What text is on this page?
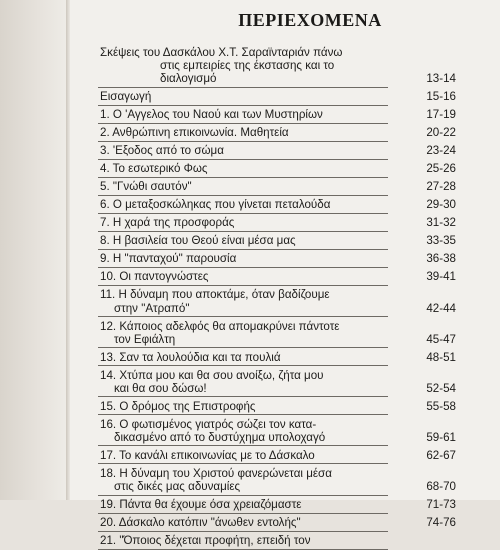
ΠΕΡΙΕΧΟΜΕΝΑ
Σκέψεις του Δασκάλου Χ.Τ. Σαραϊνταριάν πάνω
στις εμπειρίες της έκστασης και το
διαλογισμό	13-14
Εισαγωγή	15-16
1. Ο 'Αγγελος του Ναού και των Μυστηρίων	17-19
2. Ανθρώπινη επικοινωνία. Μαθητεία	20-22
3. 'Εξοδος από το σώμα	23-24
4. Το εσωτερικό Φως	25-26
5. "Γνώθι σαυτόν"	27-28
6. Ο μεταξοσκώληκας που γίνεται πεταλούδα	29-30
7. Η χαρά της προσφοράς	31-32
8. Η βασιλεία του Θεού είναι μέσα μας	33-35
9. Η "πανταχού" παρουσία	36-38
10. Οι παντογνώστες	39-41
11. Η δύναμη που αποκτάμε, όταν βαδίζουμε
στην "Ατραπό"	42-44
12. Κάποιος αδελφός θα απομακρύνει πάντοτε
τον Εφιάλτη	45-47
13. Σαν τα λουλούδια και τα πουλιά	48-51
14. Χτύπα μου και θα σου ανοίξω, ζήτα μου
και θα σου δώσω!	52-54
15. Ο δρόμος της Επιστροφής	55-58
16. Ο φωτισμένος γιατρός σώζει τον κατα-
δικασμένο από το δυστύχημα υπολοχαγό	59-61
17. Το κανάλι επικοινωνίας με το Δάσκαλο	62-67
18. Η δύναμη του Χριστού φανερώνεται μέσα
στις δικές μας αδυναμίες	68-70
19. Πάντα θα έχουμε όσα χρειαζόμαστε	71-73
20. Δάσκαλο κατόπιν "άνωθεν εντολής"	74-76
21. "Όποιος δέχεται προφήτη, επειδή τον
